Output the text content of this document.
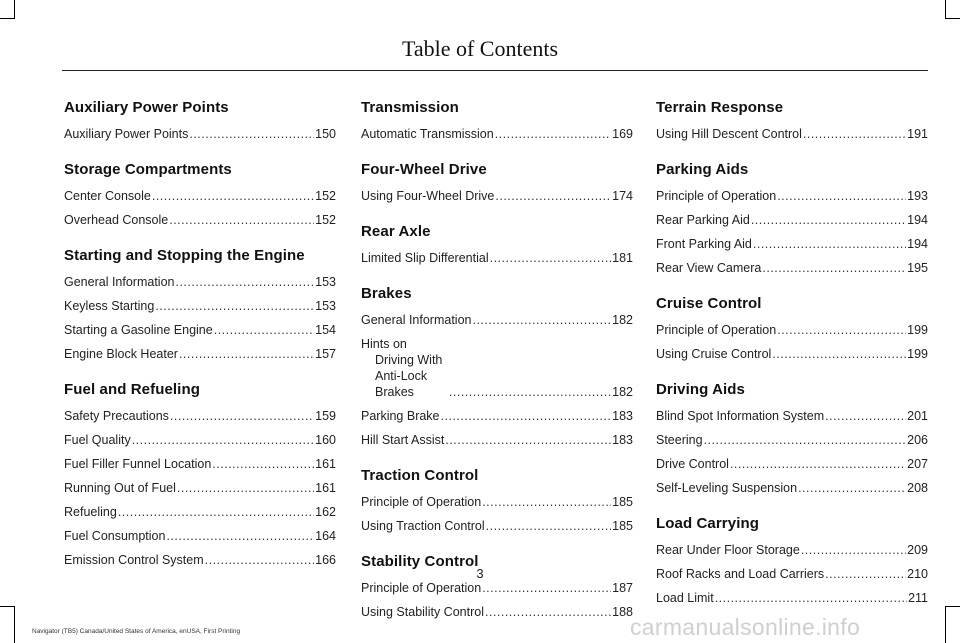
Table of Contents
Auxiliary Power Points
Auxiliary Power Points .....	150
Storage Compartments
Center Console .....	152
Overhead Console .....	152
Starting and Stopping the Engine
General Information .....	153
Keyless Starting .....	153
Starting a Gasoline Engine .....	154
Engine Block Heater .....	157
Fuel and Refueling
Safety Precautions .....	159
Fuel Quality .....	160
Fuel Filler Funnel Location .....	161
Running Out of Fuel .....	161
Refueling .....	162
Fuel Consumption .....	164
Emission Control System .....	166
Transmission
Automatic Transmission .....	169
Four-Wheel Drive
Using Four-Wheel Drive .....	174
Rear Axle
Limited Slip Differential .....	181
Brakes
General Information .....	182
Hints on Driving With Anti-Lock Brakes .....	182
Parking Brake .....	183
Hill Start Assist .....	183
Traction Control
Principle of Operation .....	185
Using Traction Control .....	185
Stability Control
Principle of Operation .....	187
Using Stability Control .....	188
Terrain Response
Using Hill Descent Control .....	191
Parking Aids
Principle of Operation .....	193
Rear Parking Aid .....	194
Front Parking Aid .....	194
Rear View Camera .....	195
Cruise Control
Principle of Operation .....	199
Using Cruise Control .....	199
Driving Aids
Blind Spot Information System .....	201
Steering .....	206
Drive Control .....	207
Self-Leveling Suspension .....	208
Load Carrying
Rear Under Floor Storage .....	209
Roof Racks and Load Carriers .....	210
Load Limit .....	211
3
Navigator (TB5) Canada/United States of America, enUSA, First Printing	carmanualsonline.info
